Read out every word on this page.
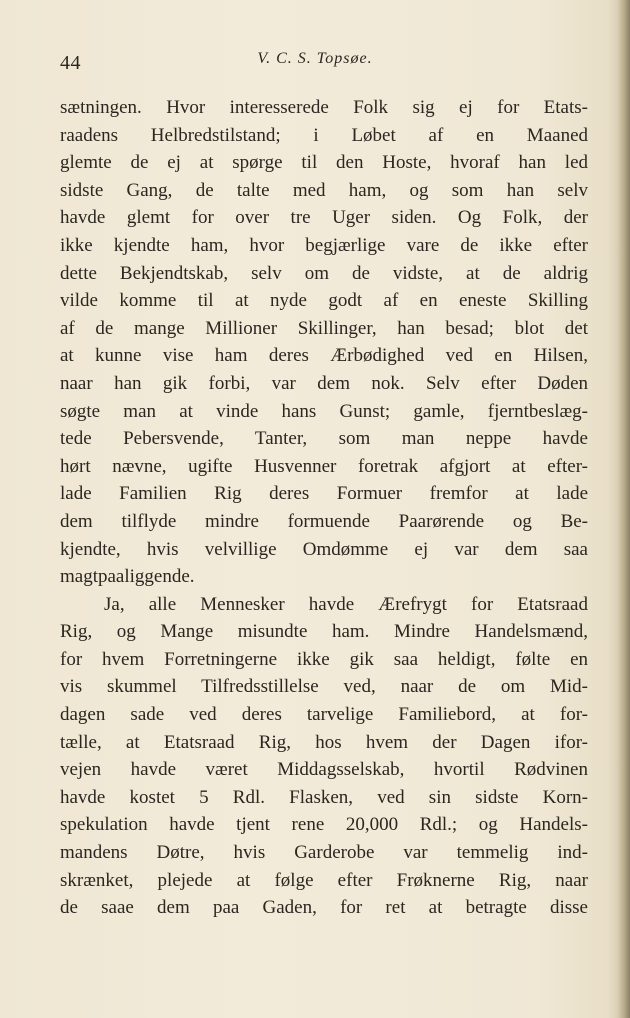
44	V. C. S. Topsøe.
sætningen. Hvor interesserede Folk sig ej for Etats-
raadens Helbredstilstand; i Løbet af en Maaned
glemte de ej at spørge til den Hoste, hvoraf han led
sidste Gang, de talte med ham, og som han selv
havde glemt for over tre Uger siden. Og Folk, der
ikke kjendte ham, hvor begjærlige vare de ikke efter
dette Bekjendtskab, selv om de vidste, at de aldrig
vilde komme til at nyde godt af en eneste Skilling
af de mange Millioner Skillinger, han besad; blot det
at kunne vise ham deres Ærbødighed ved en Hilsen,
naar han gik forbi, var dem nok. Selv efter Døden
søgte man at vinde hans Gunst; gamle, fjerntbeslæg-
tede Pebersvende, Tanter, som man neppe havde
hørt nævne, ugifte Husvenner foretrak afgjort at efter-
lade Familien Rig deres Formuer fremfor at lade
dem tilflyde mindre formuende Paarørende og Be-
kjendte, hvis velvillige Omdømme ej var dem saa
magtpaaliggende.
Ja, alle Mennesker havde Ærefrygt for Etatsraad
Rig, og Mange misundte ham. Mindre Handelsmænd,
for hvem Forretningerne ikke gik saa heldigt, følte en
vis skummel Tilfredsstillelse ved, naar de om Mid-
dagen sade ved deres tarvelige Familiebord, at for-
tælle, at Etatsraad Rig, hos hvem der Dagen ifor-
vejen havde været Middagsselskab, hvortil Rødvinen
havde kostet 5 Rdl. Flasken, ved sin sidste Korn-
spekulation havde tjent rene 20,000 Rdl.; og Handels-
mandens Døtre, hvis Garderobe var temmelig ind-
skrænket, plejede at følge efter Frøknerne Rig, naar
de saae dem paa Gaden, for ret at betragte disse
